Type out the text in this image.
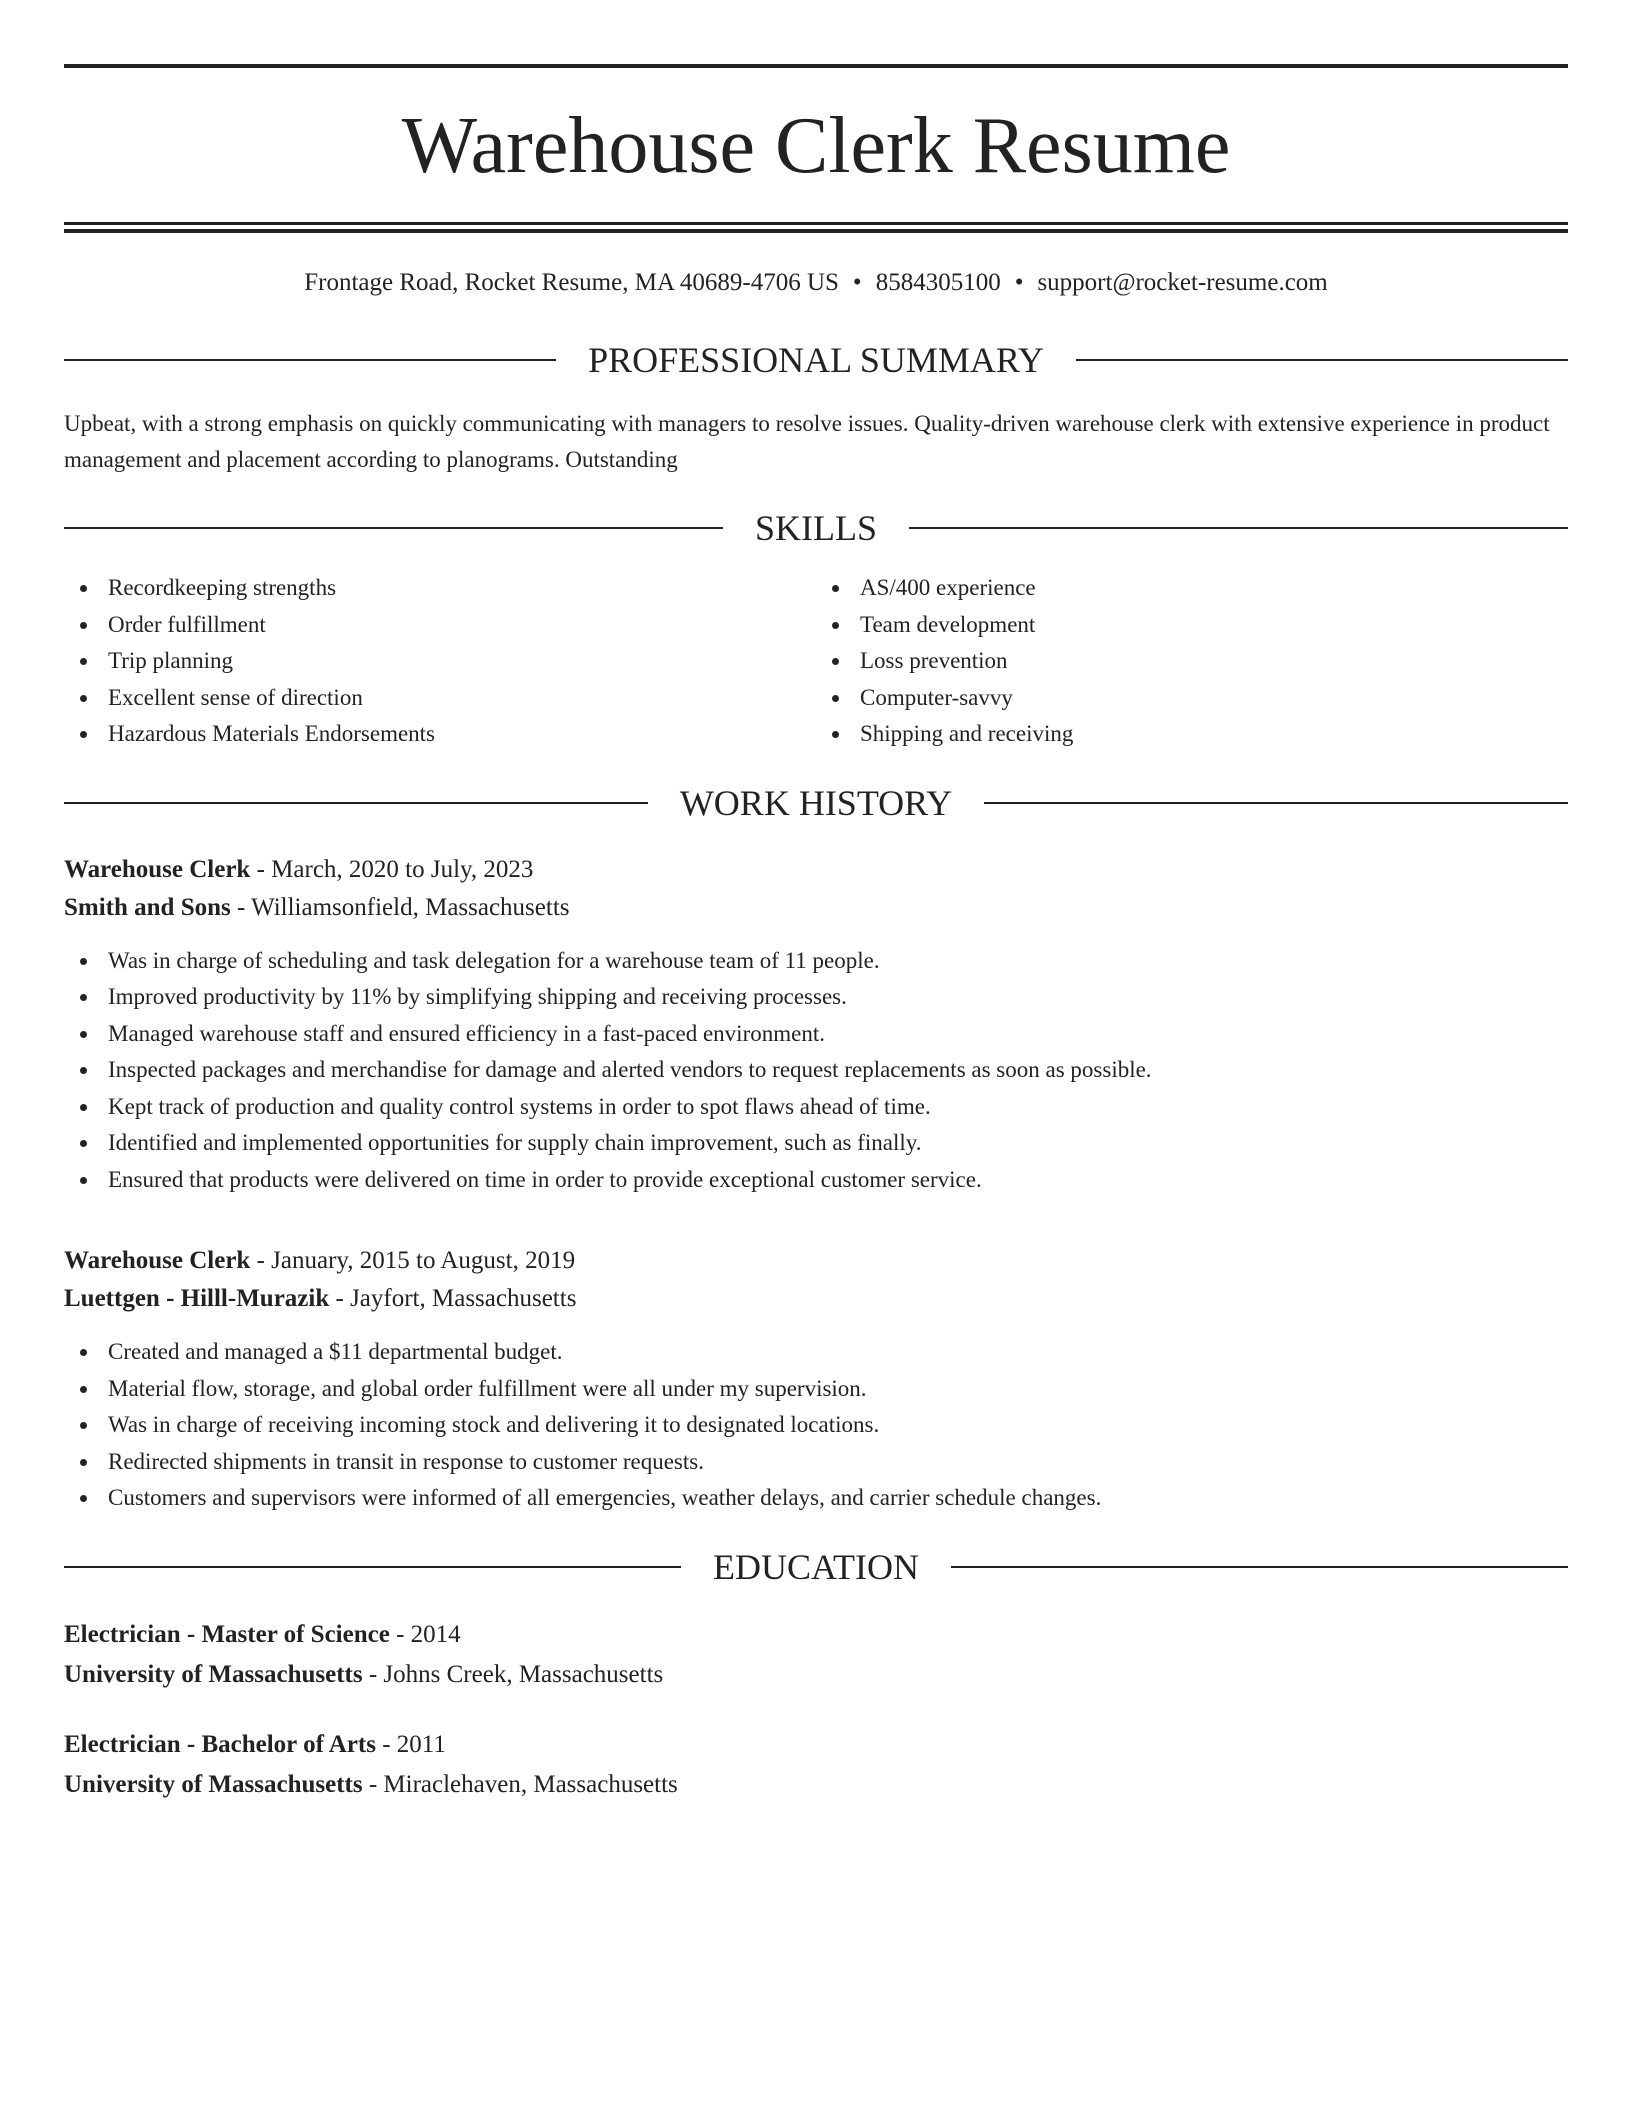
Warehouse Clerk Resume
Frontage Road, Rocket Resume, MA 40689-4706 US • 8584305100 • support@rocket-resume.com
PROFESSIONAL SUMMARY

Upbeat, with a strong emphasis on quickly communicating with managers to resolve issues. Quality-driven warehouse clerk with extensive experience in product management and placement according to planograms. Outstanding

SKILLS
Recordkeeping strengths
Order fulfillment
Trip planning
Excellent sense of direction
Hazardous Materials Endorsements
AS/400 experience
Team development
Loss prevention
Computer-savvy
Shipping and receiving
WORK HISTORY
Warehouse Clerk - March, 2020 to July, 2023
Smith and Sons - Williamsonfield, Massachusetts
Was in charge of scheduling and task delegation for a warehouse team of 11 people.
Improved productivity by 11% by simplifying shipping and receiving processes.
Managed warehouse staff and ensured efficiency in a fast-paced environment.
Inspected packages and merchandise for damage and alerted vendors to request replacements as soon as possible.
Kept track of production and quality control systems in order to spot flaws ahead of time.
Identified and implemented opportunities for supply chain improvement, such as finally.
Ensured that products were delivered on time in order to provide exceptional customer service.
Warehouse Clerk - January, 2015 to August, 2019
Luettgen - Hilll-Murazik - Jayfort, Massachusetts
Created and managed a $11 departmental budget.
Material flow, storage, and global order fulfillment were all under my supervision.
Was in charge of receiving incoming stock and delivering it to designated locations.
Redirected shipments in transit in response to customer requests.
Customers and supervisors were informed of all emergencies, weather delays, and carrier schedule changes.
EDUCATION
Electrician - Master of Science - 2014
University of Massachusetts - Johns Creek, Massachusetts
Electrician - Bachelor of Arts - 2011
University of Massachusetts - Miraclehaven, Massachusetts
